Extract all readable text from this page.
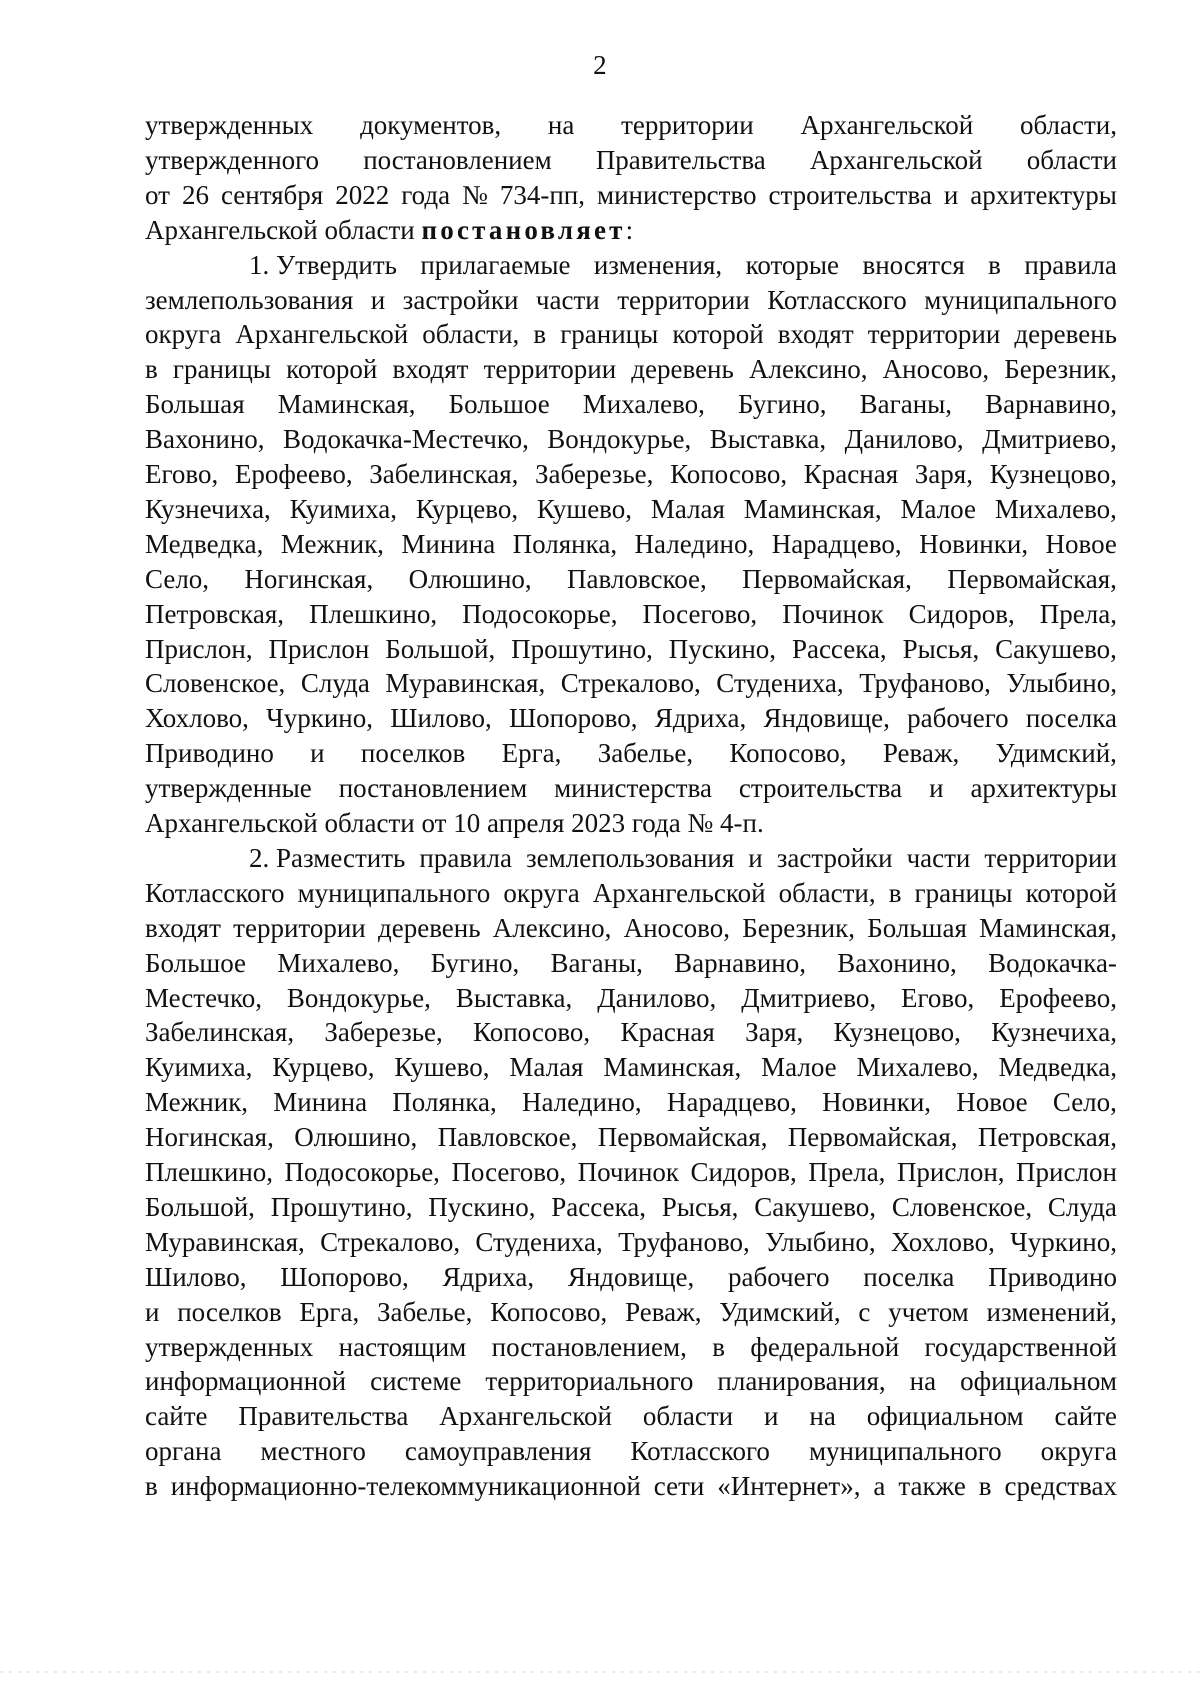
2
утвержденных документов, на территории Архангельской области,
утвержденного постановлением Правительства Архангельской области
от 26 сентября 2022 года № 734-пп, министерство строительства и архитектуры
Архангельской области постановляет:
1. Утвердить прилагаемые изменения, которые вносятся в правила
землепользования и застройки части территории Котласского муниципального
округа Архангельской области, в границы которой входят территории деревень
в границы которой входят территории деревень Алексино, Аносово, Березник,
Большая Маминская, Большое Михалево, Бугино, Ваганы, Варнавино,
Вахонино, Водокачка-Местечко, Вондокурье, Выставка, Данилово, Дмитриево,
Егово, Ерофеево, Забелинская, Заберезье, Копосово, Красная Заря, Кузнецово,
Кузнечиха, Куимиха, Курцево, Кушево, Малая Маминская, Малое Михалево,
Медведка, Межник, Минина Полянка, Наледино, Нарадцево, Новинки, Новое
Село, Ногинская, Олюшино, Павловское, Первомайская, Первомайская,
Петровская, Плешкино, Подосокорье, Посегово, Починок Сидоров, Прела,
Прислон, Прислон Большой, Прошутино, Пускино, Рассека, Рысья, Сакушево,
Словенское, Слуда Муравинская, Стрекалово, Студениха, Труфаново, Улыбино,
Хохлово, Чуркино, Шилово, Шопорово, Ядриха, Яндовище, рабочего поселка
Приводино и поселков Ерга, Забелье, Копосово, Реваж, Удимский,
утвержденные постановлением министерства строительства и архитектуры
Архангельской области от 10 апреля 2023 года № 4-п.
2. Разместить правила землепользования и застройки части территории
Котласского муниципального округа Архангельской области, в границы которой
входят территории деревень Алексино, Аносово, Березник, Большая Маминская,
Большое Михалево, Бугино, Ваганы, Варнавино, Вахонино, Водокачка-
Местечко, Вондокурье, Выставка, Данилово, Дмитриево, Егово, Ерофеево,
Забелинская, Заберезье, Копосово, Красная Заря, Кузнецово, Кузнечиха,
Куимиха, Курцево, Кушево, Малая Маминская, Малое Михалево, Медведка,
Межник, Минина Полянка, Наледино, Нарадцево, Новинки, Новое Село,
Ногинская, Олюшино, Павловское, Первомайская, Первомайская, Петровская,
Плешкино, Подосокорье, Посегово, Починок Сидоров, Прела, Прислон, Прислон
Большой, Прошутино, Пускино, Рассека, Рысья, Сакушево, Словенское, Слуда
Муравинская, Стрекалово, Студениха, Труфаново, Улыбино, Хохлово, Чуркино,
Шилово, Шопорово, Ядриха, Яндовище, рабочего поселка Приводино
и поселков Ерга, Забелье, Копосово, Реваж, Удимский, с учетом изменений,
утвержденных настоящим постановлением, в федеральной государственной
информационной системе территориального планирования, на официальном
сайте Правительства Архангельской области и на официальном сайте
органа местного самоуправления Котласского муниципального округа
в информационно-телекоммуникационной сети «Интернет», а также в средствах
